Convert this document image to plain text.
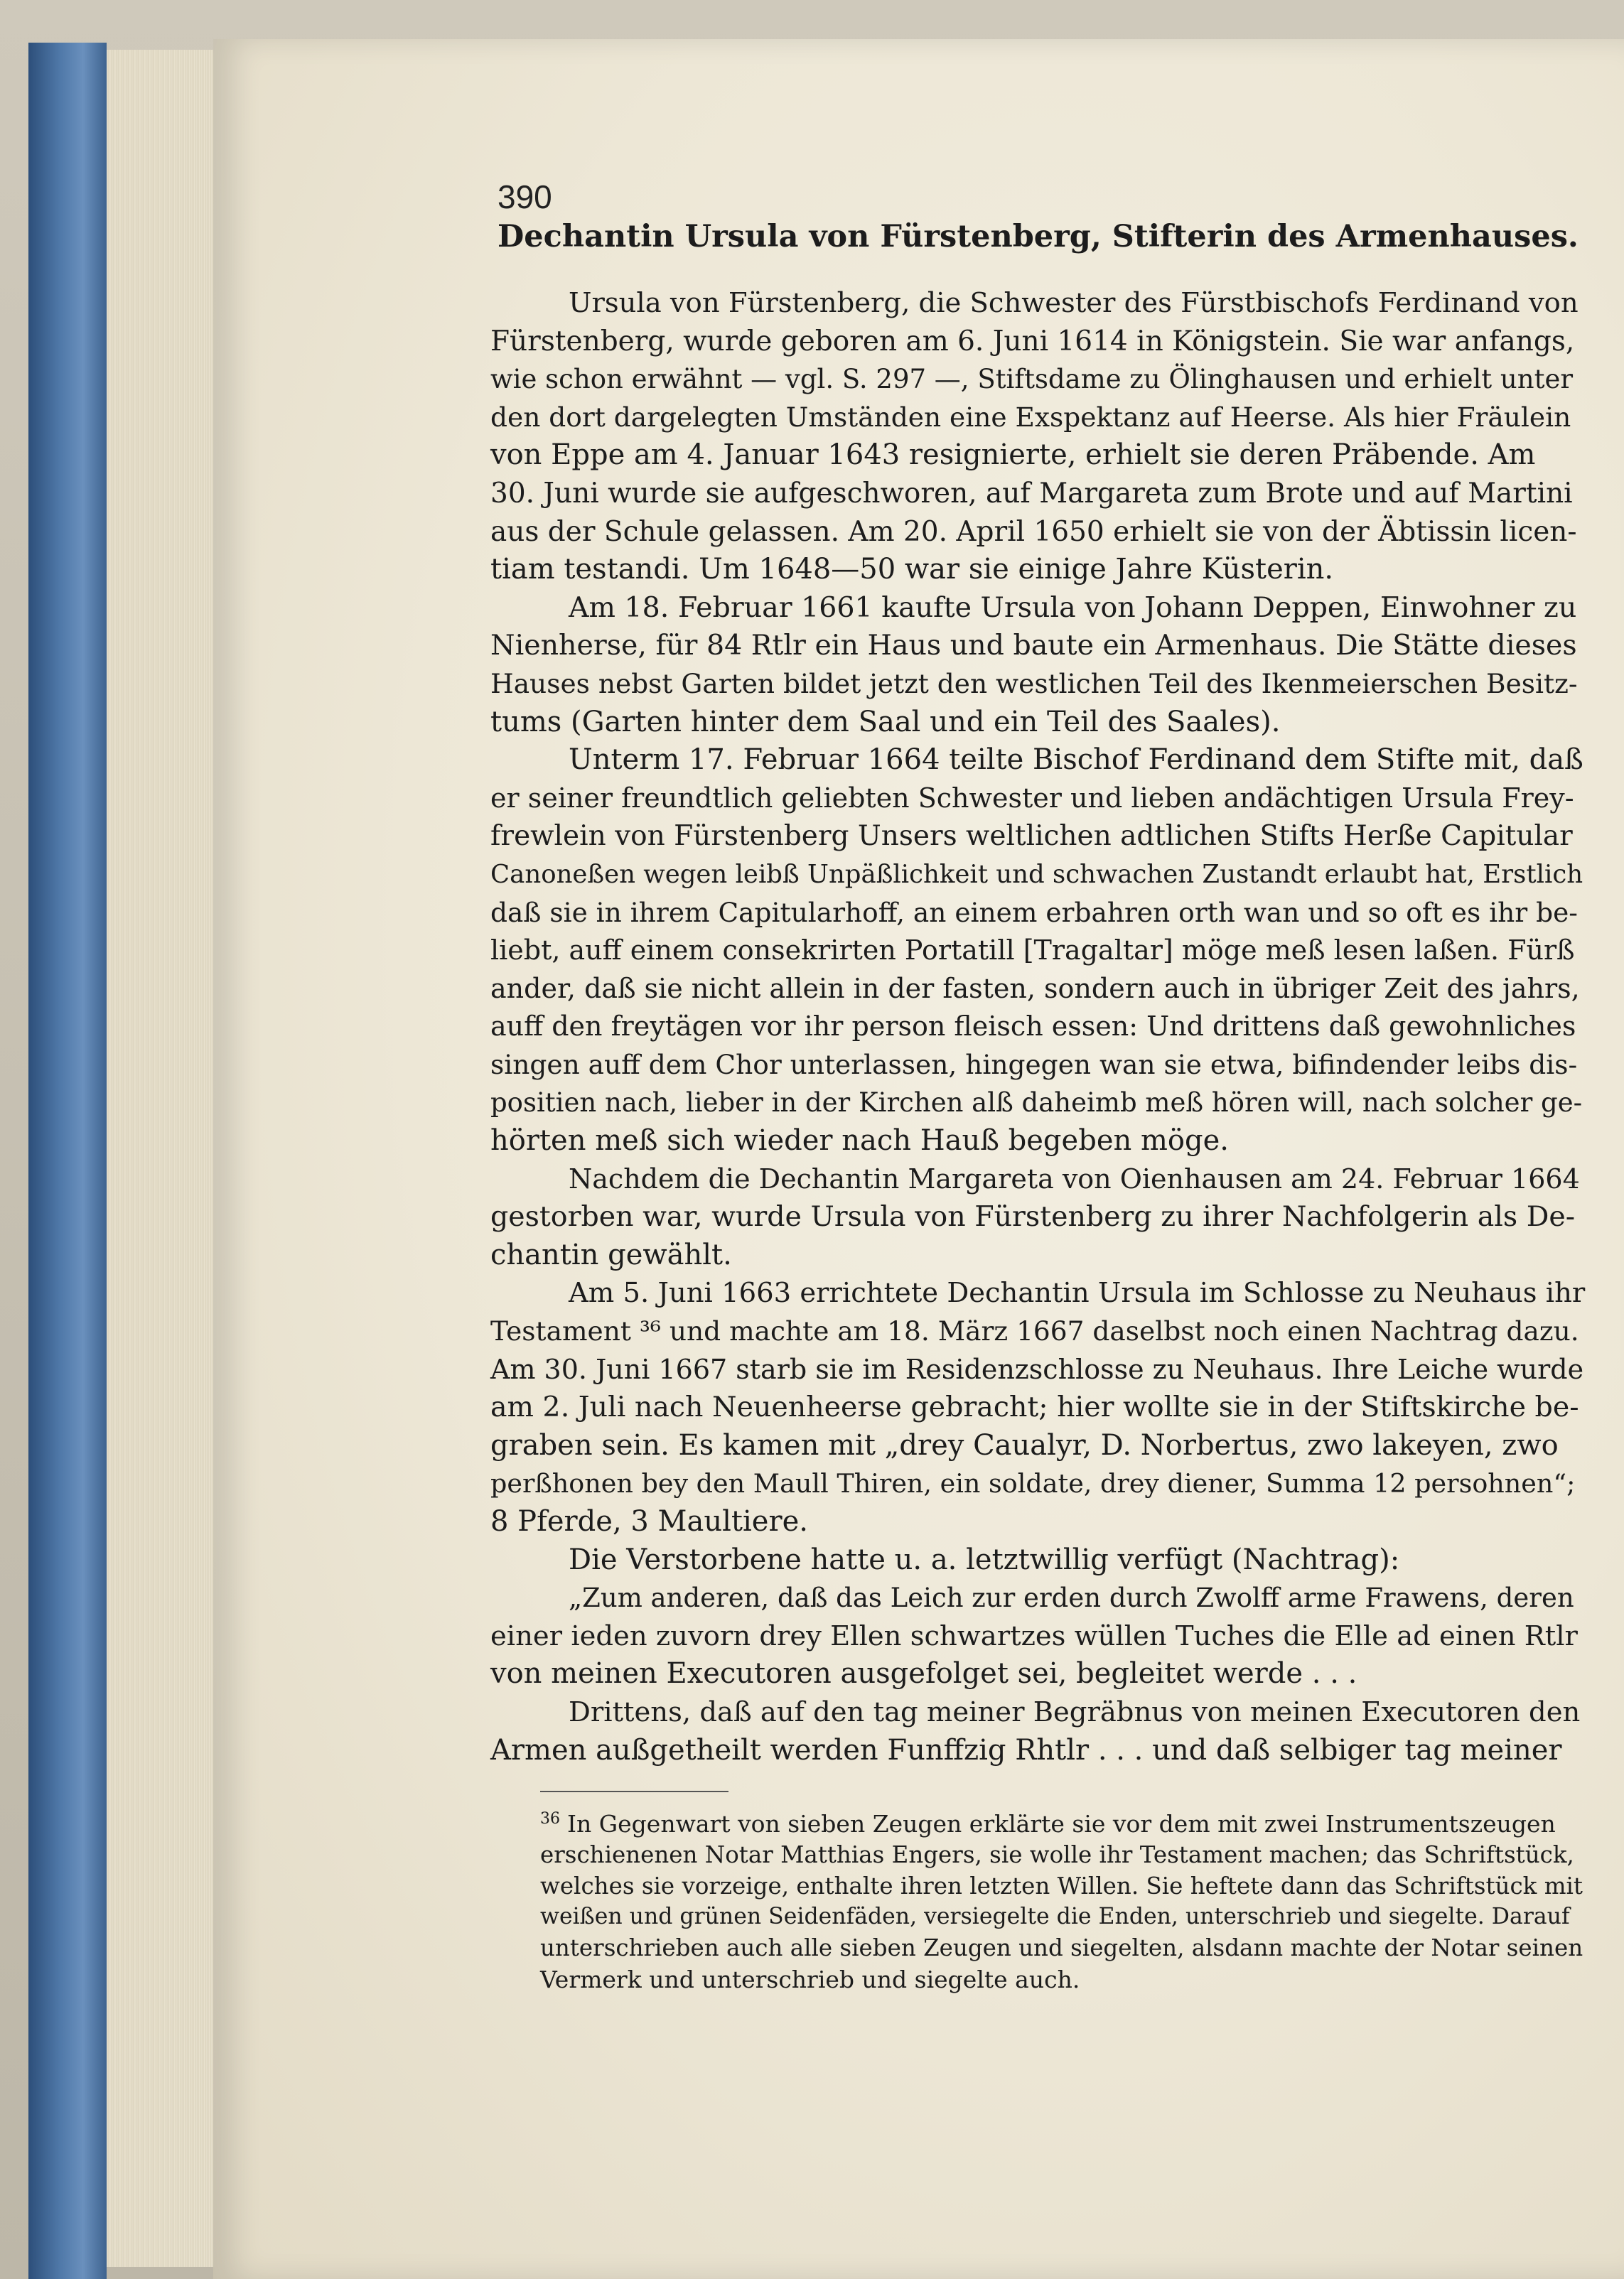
390
Dechantin Ursula von Fürstenberg, Stifterin des Armenhauses.

Ursula von Fürstenberg, die Schwester des Fürstbischofs Ferdinand von

Fürstenberg, wurde geboren am 6. Juni 1614 in Königstein. Sie war anfangs,

wie schon erwähnt — vgl. S. 297 —, Stiftsdame zu Ölinghausen und erhielt unter

den dort dargelegten Umständen eine Exspektanz auf Heerse. Als hier Fräulein

von Eppe am 4. Januar 1643 resignierte, erhielt sie deren Präbende. Am

30. Juni wurde sie aufgeschworen, auf Margareta zum Brote und auf Martini

aus der Schule gelassen. Am 20. April 1650 erhielt sie von der Äbtissin licen-

tiam testandi. Um 1648—50 war sie einige Jahre Küsterin.

Am 18. Februar 1661 kaufte Ursula von Johann Deppen, Einwohner zu

Nienherse, für 84 Rtlr ein Haus und baute ein Armenhaus. Die Stätte dieses

Hauses nebst Garten bildet jetzt den westlichen Teil des Ikenmeierschen Besitz-

tums (Garten hinter dem Saal und ein Teil des Saales).

Unterm 17. Februar 1664 teilte Bischof Ferdinand dem Stifte mit, daß

er seiner freundtlich geliebten Schwester und lieben andächtigen Ursula Frey-

frewlein von Fürstenberg Unsers weltlichen adtlichen Stifts Herße Capitular

Canoneßen wegen leibß Unpäßlichkeit und schwachen Zustandt erlaubt hat, Erstlich

daß sie in ihrem Capitularhoff, an einem erbahren orth wan und so oft es ihr be-

liebt, auff einem consekrirten Portatill [Tragaltar] möge meß lesen laßen. Fürß

ander, daß sie nicht allein in der fasten, sondern auch in übriger Zeit des jahrs,

auff den freytägen vor ihr person fleisch essen: Und drittens daß gewohnliches

singen auff dem Chor unterlassen, hingegen wan sie etwa, bifindender leibs dis-

positien nach, lieber in der Kirchen alß daheimb meß hören will, nach solcher ge-

hörten meß sich wieder nach Hauß begeben möge.

Nachdem die Dechantin Margareta von Oienhausen am 24. Februar 1664

gestorben war, wurde Ursula von Fürstenberg zu ihrer Nachfolgerin als De-

chantin gewählt.

Am 5. Juni 1663 errichtete Dechantin Ursula im Schlosse zu Neuhaus ihr

Testament ³⁶ und machte am 18. März 1667 daselbst noch einen Nachtrag dazu.

Am 30. Juni 1667 starb sie im Residenzschlosse zu Neuhaus. Ihre Leiche wurde

am 2. Juli nach Neuenheerse gebracht; hier wollte sie in der Stiftskirche be-

graben sein. Es kamen mit „drey Caualyr, D. Norbertus, zwo lakeyen, zwo

perßhonen bey den Maull Thiren, ein soldate, drey diener, Summa 12 persohnen“;

8 Pferde, 3 Maultiere.

Die Verstorbene hatte u. a. letztwillig verfügt (Nachtrag):

„Zum anderen, daß das Leich zur erden durch Zwolff arme Frawens, deren

einer ieden zuvorn drey Ellen schwartzes wüllen Tuches die Elle ad einen Rtlr

von meinen Executoren ausgefolget sei, begleitet werde . . .

Drittens, daß auf den tag meiner Begräbnus von meinen Executoren den

Armen außgetheilt werden Funffzig Rhtlr . . . und daß selbiger tag meiner

$^{36}$ In Gegenwart von sieben Zeugen erklärte sie vor dem mit zwei Instrumentszeugen

erschienenen Notar Matthias Engers, sie wolle ihr Testament machen; das Schriftstück,

welches sie vorzeige, enthalte ihren letzten Willen. Sie heftete dann das Schriftstück mit

weißen und grünen Seidenfäden, versiegelte die Enden, unterschrieb und siegelte. Darauf

unterschrieben auch alle sieben Zeugen und siegelten, alsdann machte der Notar seinen

Vermerk und unterschrieb und siegelte auch.
